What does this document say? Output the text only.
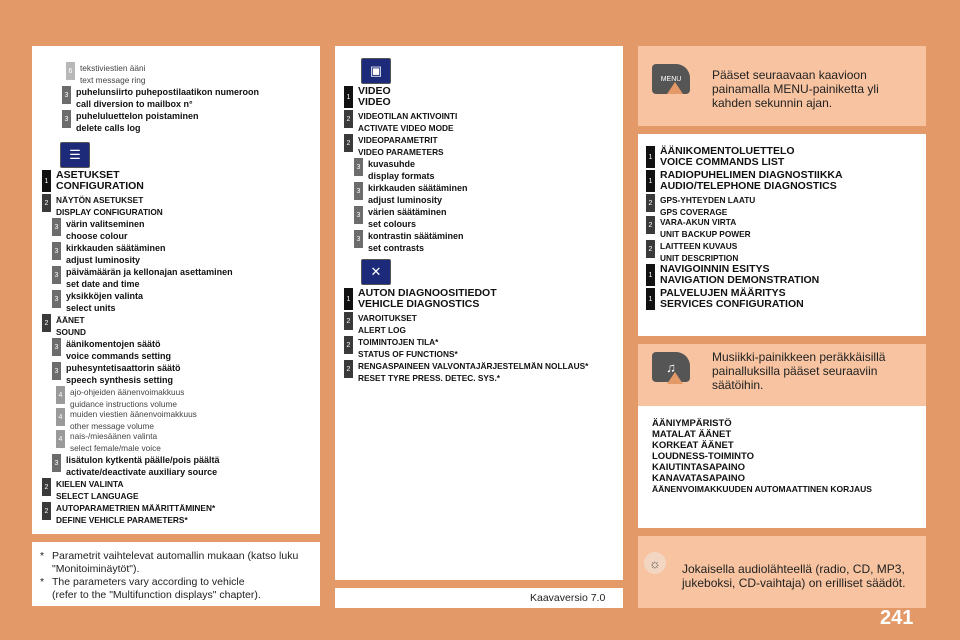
☰
▣
✕
MENU
♫
☼
Pääset seuraavaan kaavioon
painamalla MENU-painiketta yli
kahden sekunnin ajan.
Musiikki-painikkeen peräkkäisillä
painalluksilla pääset seuraaviin
säätöihin.
Jokaisella audiolähteellä (radio, CD, MP3,
jukeboksi, CD-vaihtaja) on erilliset säädöt.
ÄÄNIYMPÄRISTÖ
MATALAT ÄÄNET
KORKEAT ÄÄNET
LOUDNESS-TOIMINTO
KAIUTINTASAPAINO
KANAVATASAPAINO
ÄÄNENVOIMAKKUUDEN AUTOMAATTINEN KORJAUS
* Parametrit vaihtelevat automallin mukaan (katso luku
"Monitoiminäytöt").
* The parameters vary according to vehicle
(refer to the "Multifunction displays" chapter).	Kaavaversio 7.0
241
6 tekstiviestien ääni
text message ring
3 puhelunsiirto puhepostilaatikon numeroon
call diversion to mailbox n°
3 puheluluettelon poistaminen
delete calls log
1 ASETUKSET
CONFIGURATION
2 NÄYTÖN ASETUKSET
DISPLAY CONFIGURATION
3 värin valitseminen
choose colour
3 kirkkauden säätäminen
adjust luminosity
3 päivämäärän ja kellonajan asettaminen
set date and time
3 yksikköjen valinta
select units
2 ÄÄNET
SOUND
3 äänikomentojen säätö
voice commands setting
3 puhesyntetisaattorin säätö
speech synthesis setting
4 ajo-ohjeiden äänenvoimakkuus
guidance instructions volume
4 muiden viestien äänenvoimakkuus
other message volume
4 nais-/miesäänen valinta
select female/male voice
3 lisätulon kytkentä päälle/pois päältä
activate/deactivate auxiliary source
2 KIELEN VALINTA
SELECT LANGUAGE
2 AUTOPARAMETRIEN MÄÄRITTÄMINEN*
DEFINE VEHICLE PARAMETERS*
1 VIDEO
VIDEO
2 VIDEOTILAN AKTIVOINTI
ACTIVATE VIDEO MODE
2 VIDEOPARAMETRIT
VIDEO PARAMETERS
3 kuvasuhde
display formats
3 kirkkauden säätäminen
adjust luminosity
3 värien säätäminen
set colours
3 kontrastin säätäminen
set contrasts
1 AUTON DIAGNOOSITIEDOT
VEHICLE DIAGNOSTICS
2 VAROITUKSET
ALERT LOG
2 TOIMINTOJEN TILA*
STATUS OF FUNCTIONS*
2 RENGASPAINEEN VALVONTAJÄRJESTELMÄN NOLLAUS*
RESET TYRE PRESS. DETEC. SYS.*
1 ÄÄNIKOMENTOLUETTELO
VOICE COMMANDS LIST
1 RADIOPUHELIMEN DIAGNOSTIIKKA
AUDIO/TELEPHONE DIAGNOSTICS
2 GPS-YHTEYDEN LAATU
GPS COVERAGE
2 VARA-AKUN VIRTA
UNIT BACKUP POWER
2 LAITTEEN KUVAUS
UNIT DESCRIPTION
1 NAVIGOINNIN ESITYS
NAVIGATION DEMONSTRATION
1 PALVELUJEN MÄÄRITYS
SERVICES CONFIGURATION
